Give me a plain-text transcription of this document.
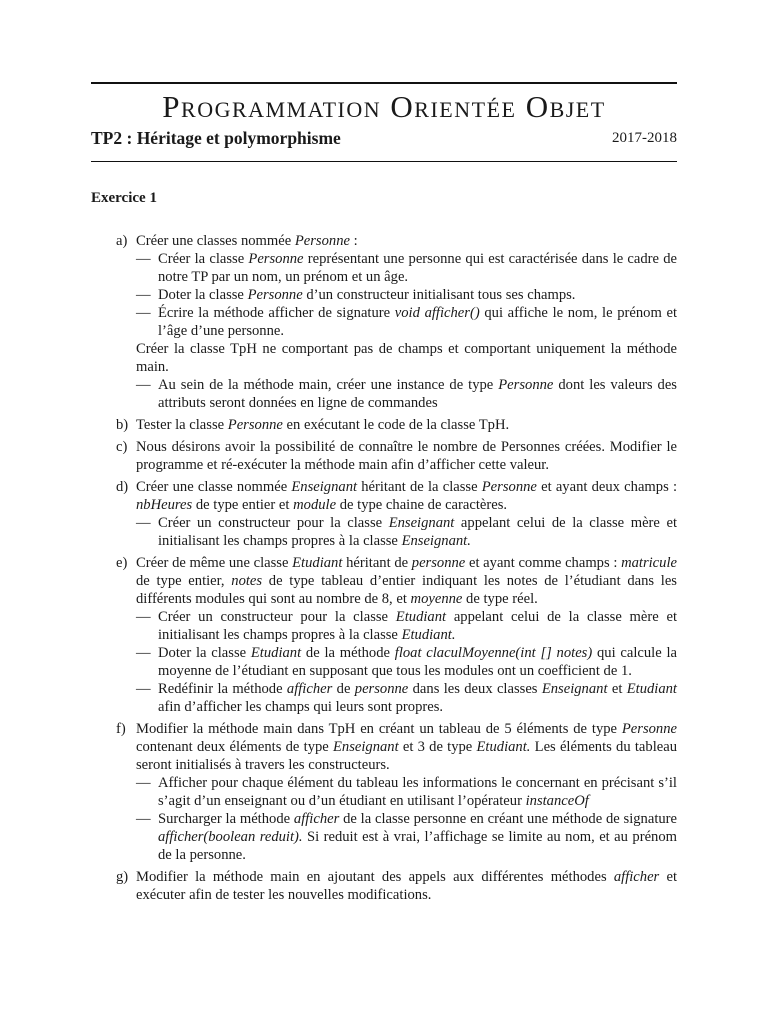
Programmation Orientée Objet
TP2 : Héritage et polymorphisme	2017-2018
Exercice 1
a) Créer une classes nommée Personne :
— Créer la classe Personne représentant une personne qui est caractérisée dans le cadre de notre TP par un nom, un prénom et un âge.
— Doter la classe Personne d’un constructeur initialisant tous ses champs.
— Écrire la méthode afficher de signature void afficher() qui affiche le nom, le prénom et l’âge d’une personne.
Créer la classe TpH ne comportant pas de champs et comportant uniquement la méthode main.
— Au sein de la méthode main, créer une instance de type Personne dont les valeurs des attributs seront données en ligne de commandes
b) Tester la classe Personne en exécutant le code de la classe TpH.
c) Nous désirons avoir la possibilité de connaître le nombre de Personnes créées. Modifier le programme et ré-exécuter la méthode main afin d’afficher cette valeur.
d) Créer une classe nommée Enseignant héritant de la classe Personne et ayant deux champs : nbHeures de type entier et module de type chaine de caractères.
— Créer un constructeur pour la classe Enseignant appelant celui de la classe mère et initialisant les champs propres à la classe Enseignant.
e) Créer de même une classe Etudiant héritant de personne et ayant comme champs : matricule de type entier, notes de type tableau d’entier indiquant les notes de l’étudiant dans les différents modules qui sont au nombre de 8, et moyenne de type réel.
— Créer un constructeur pour la classe Etudiant appelant celui de la classe mère et initialisant les champs propres à la classe Etudiant.
— Doter la classe Etudiant de la méthode float claculMoyenne(int [] notes) qui calcule la moyenne de l’étudiant en supposant que tous les modules ont un coefficient de 1.
— Redéfinir la méthode afficher de personne dans les deux classes Enseignant et Etudiant afin d’afficher les champs qui leurs sont propres.
f) Modifier la méthode main dans TpH en créant un tableau de 5 éléments de type Personne contenant deux éléments de type Enseignant et 3 de type Etudiant. Les éléments du tableau seront initialisés à travers les constructeurs.
— Afficher pour chaque élément du tableau les informations le concernant en précisant s’il s’agit d’un enseignant ou d’un étudiant en utilisant l’opérateur instanceOf
— Surcharger la méthode afficher de la classe personne en créant une méthode de signature afficher(boolean reduit). Si reduit est à vrai, l’affichage se limite au nom, et au prénom de la personne.
g) Modifier la méthode main en ajoutant des appels aux différentes méthodes afficher et exécuter afin de tester les nouvelles modifications.
